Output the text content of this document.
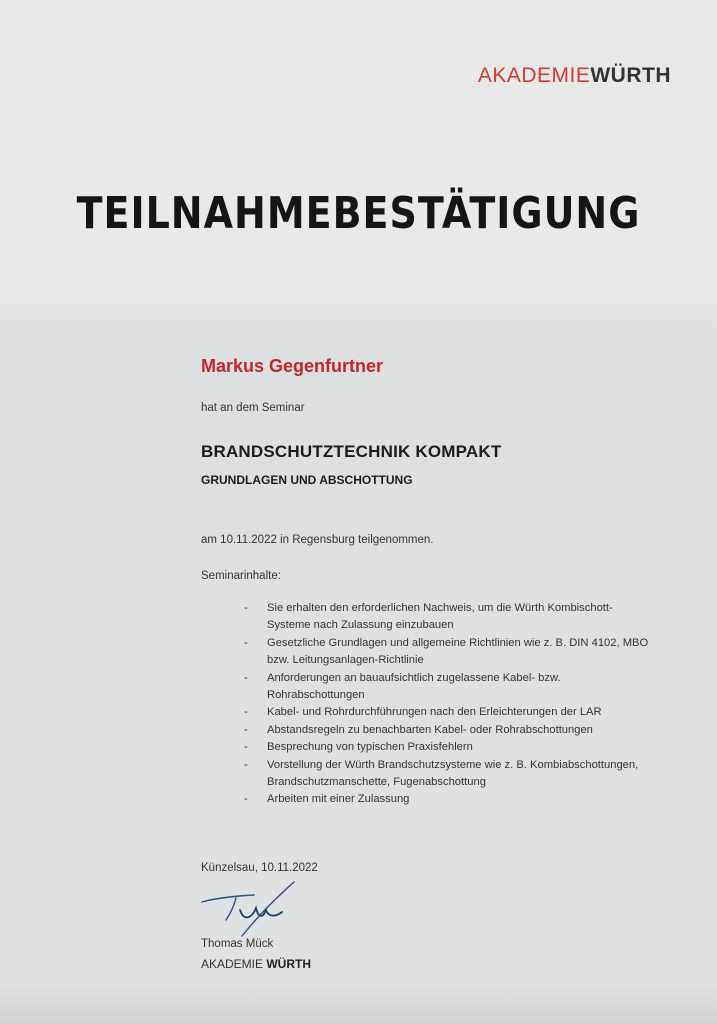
AKADEMIEWÜRTH
TEILNAHMEBESTÄTIGUNG
Markus Gegenfurtner
hat an dem Seminar
BRANDSCHUTZTECHNIK KOMPAKT
GRUNDLAGEN UND ABSCHOTTUNG
am 10.11.2022 in Regensburg teilgenommen.
Seminarinhalte:
- Sie erhalten den erforderlichen Nachweis, um die Würth Kombischott-Systeme nach Zulassung einzubauen
- Gesetzliche Grundlagen und allgemeine Richtlinien wie z. B. DIN 4102, MBO bzw. Leitungsanlagen-Richtlinie
- Anforderungen an bauaufsichtlich zugelassene Kabel- bzw. Rohrabschottungen
- Kabel- und Rohrdurchführungen nach den Erleichterungen der LAR
- Abstandsregeln zu benachbarten Kabel- oder Rohrabschottungen
- Besprechung von typischen Praxisfehlern
- Vorstellung der Würth Brandschutzsysteme wie z. B. Kombiabschottungen, Brandschutzmanschette, Fugenabschottung
- Arbeiten mit einer Zulassung
Künzelsau, 10.11.2022
Thomas Mück
AKADEMIE WÜRTH
